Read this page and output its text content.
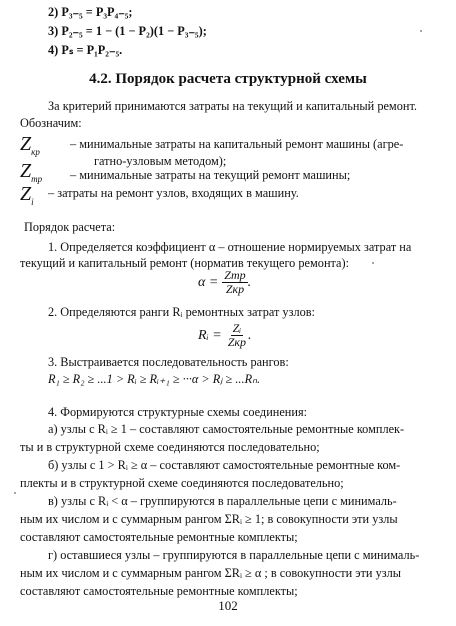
2) P₃₋₅ = P₃P₄₋₅;
3) P₂₋₅ = 1 − (1 − P₂)(1 − P₃₋₅);
4) Pₛ = P₁P₂₋₅.
4.2. Порядок расчета структурной схемы
За критерий принимаются затраты на текущий и капитальный ремонт.
Обозначим:
$Z_{кр}$
– минимальные затраты на капитальный ремонт машины (агре-
гатно-узловым методом);
$Z_{тр}$ – минимальные затраты на текущий ремонт машины;
$Z_i$
– затраты на ремонт узлов, входящих в машину.
Порядок расчета:
1. Определяется коэффициент α – отношение нормируемых затрат на
текущий и капитальный ремонт (норматив текущего ремонта):
α = Zтр
Zкр .
2. Определяются ранги Rᵢ ремонтных затрат узлов:
Rᵢ = Zᵢ
Zкр .
3. Выстраивается последовательность рангов:
R₁ ≥ R₂ ≥ ...1 > Rᵢ ≥ Rᵢ₊₁ ≥ ···α > Rⱼ ≥ ...Rₙ.
4. Формируются структурные схемы соединения:
а) узлы с Rᵢ ≥ 1 – составляют самостоятельные ремонтные комплек-
ты и в структурной схеме соединяются последовательно;
б) узлы с 1 > Rᵢ ≥ α – составляют самостоятельные ремонтные ком-
плекты и в структурной схеме соединяются последовательно;
в) узлы с Rᵢ < α – группируются в параллельные цепи с минималь-
ным их числом и с суммарным рангом ΣRᵢ ≥ 1; в совокупности эти узлы
составляют самостоятельные ремонтные комплекты;
г) оставшиеся узлы – группируются в параллельные цепи с минималь-
ным их числом и с суммарным рангом ΣRᵢ ≥ α ; в совокупности эти узлы
составляют самостоятельные ремонтные комплекты;
102
